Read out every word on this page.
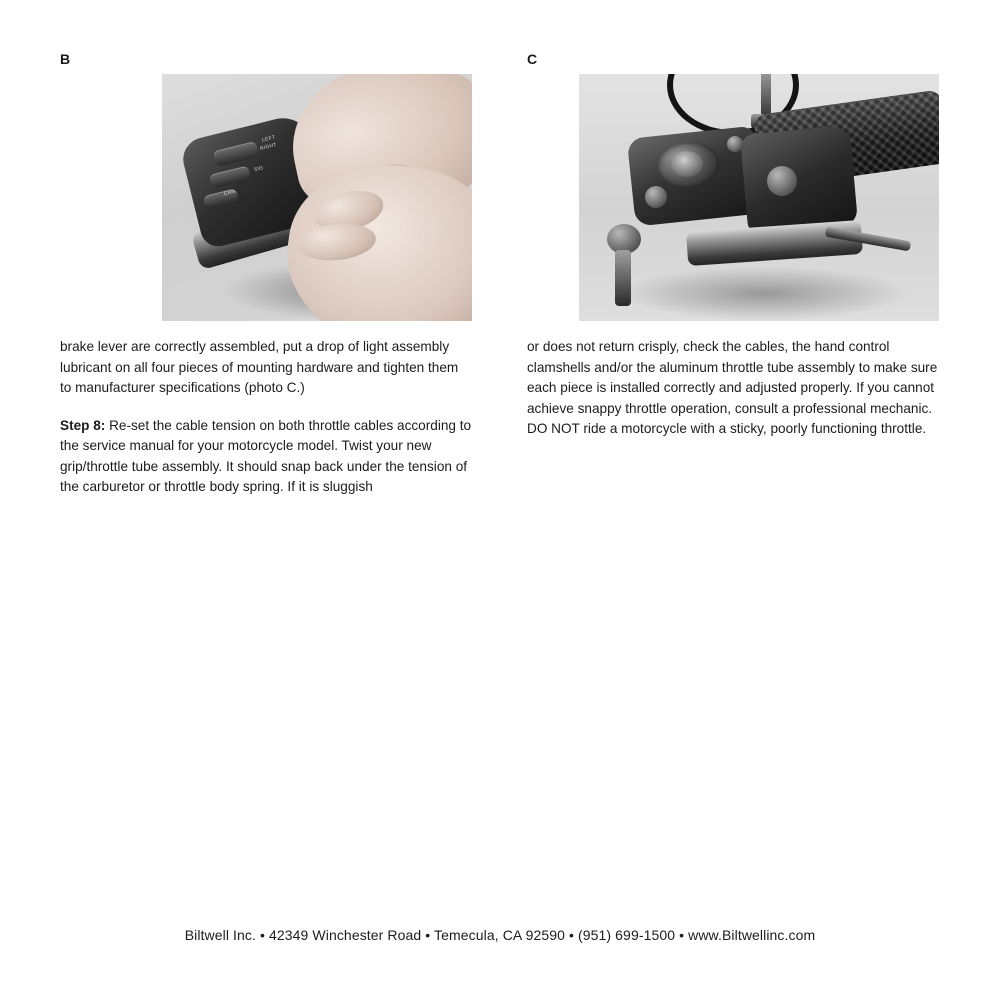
B
LEFT
RIGHT
SIG
CAN

brake lever are correctly assembled, put a drop of light assembly lubricant on all four pieces of mounting hardware and tighten them to manufacturer specifications (photo C.)

Step 8: Re-set the cable tension on both throttle cables according to the service manual for your motorcycle model. Twist your new grip/throttle tube assembly. It should snap back under the tension of the carburetor or throttle body spring. If it is sluggish

C

or does not return crisply, check the cables, the hand control clamshells and/or the aluminum throttle tube assembly to make sure each piece is installed correctly and adjusted properly. If you cannot achieve snappy throttle operation, consult a professional mechanic. DO NOT ride a motorcycle with a sticky, poorly functioning throttle.

Biltwell Inc. • 42349 Winchester Road • Temecula, CA 92590 • (951) 699-1500 • www.Biltwellinc.com
